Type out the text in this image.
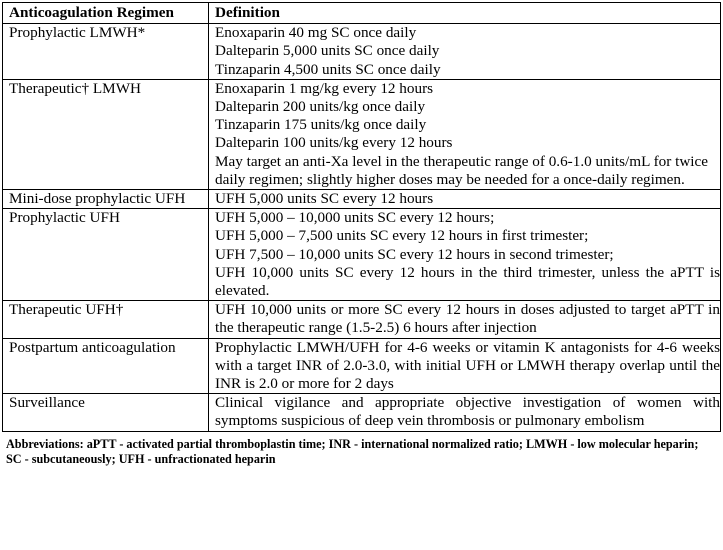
Anticoagulation Regimen	Definition
Prophylactic LMWH*	Enoxaparin 40 mg SC once daily
Dalteparin 5,000 units SC once daily
Tinzaparin 4,500 units SC once daily

Therapeutic† LMWH	Enoxaparin 1 mg/kg every 12 hours
Dalteparin 200 units/kg once daily
Tinzaparin 175 units/kg once daily
Dalteparin 100 units/kg every 12 hours
May target an anti-Xa level in the therapeutic range of 0.6-1.0 units/mL for twice daily regimen; slightly higher doses may be needed for a once-daily regimen.

Mini-dose prophylactic UFH	UFH 5,000 units SC every 12 hours

Prophylactic UFH	UFH 5,000 – 10,000 units SC every 12 hours;
UFH 5,000 – 7,500 units SC every 12 hours in first trimester;
UFH 7,500 – 10,000 units SC every 12 hours in second trimester;
UFH 10,000 units SC every 12 hours in the third trimester, unless the aPTT is elevated.

Therapeutic UFH†	UFH 10,000 units or more SC every 12 hours in doses adjusted to target aPTT in the therapeutic range (1.5-2.5) 6 hours after injection

Postpartum anticoagulation	Prophylactic LMWH/UFH for 4-6 weeks or vitamin K antagonists for 4-6 weeks with a target INR of 2.0-3.0, with initial UFH or LMWH therapy overlap until the INR is 2.0 or more for 2 days

Surveillance	Clinical vigilance and appropriate objective investigation of women with symptoms suspicious of deep vein thrombosis or pulmonary embolism
Abbreviations: aPTT - activated partial thromboplastin time; INR - international normalized ratio; LMWH - low molecular heparin; SC - subcutaneously; UFH - unfractionated heparin
